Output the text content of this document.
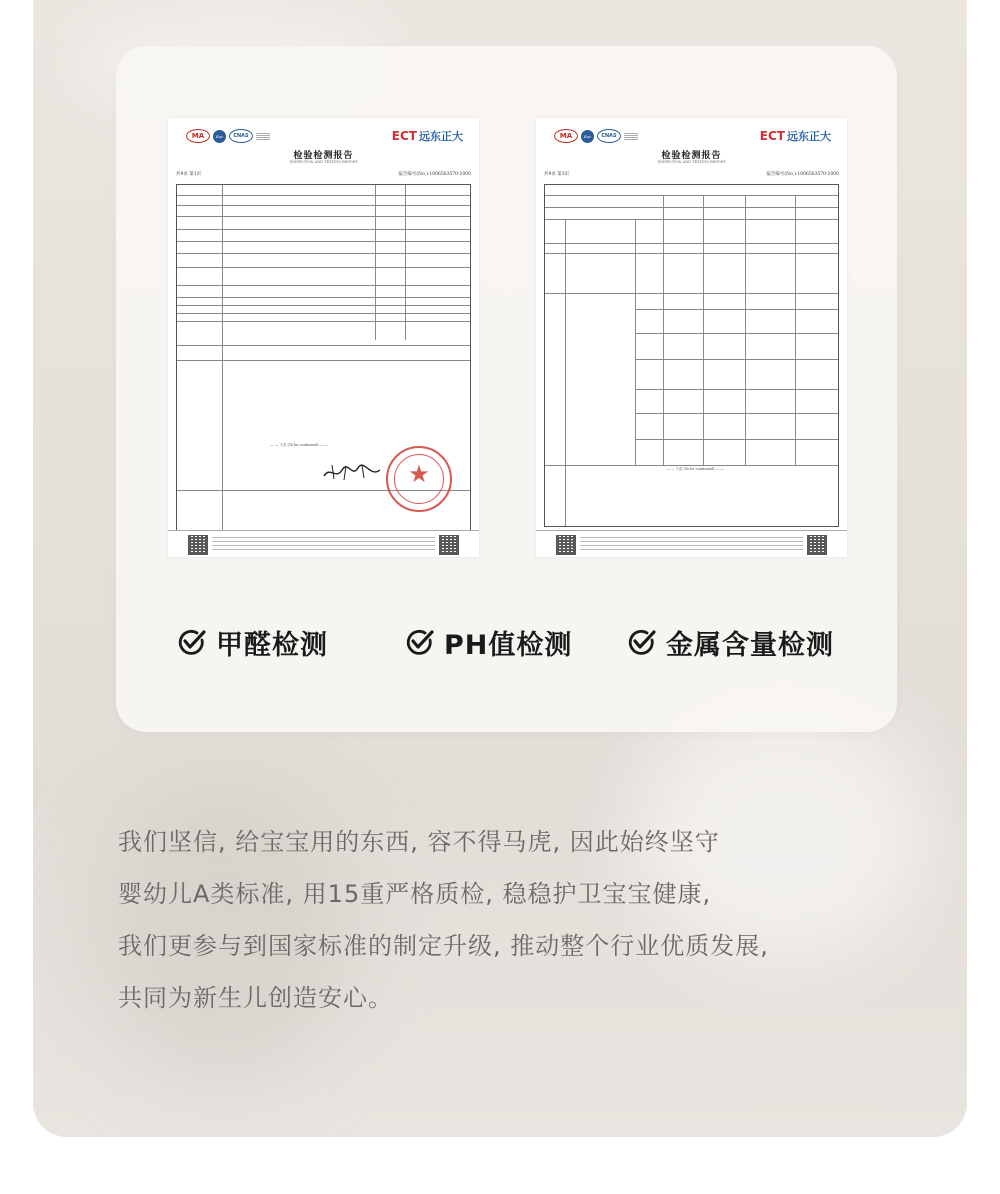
MA	ilac	CNAS	ECT 远东正大
检验检测报告
INSPECTION AND TESTING REPORT
共9页 第1页	报告编号(No.):1006563570-1000
— — 下页 (To be continued) — —
★
MA	ilac	CNAS	ECT 远东正大
检验检测报告
INSPECTION AND TESTING REPORT
共9页 第3页	报告编号(No.):1006563570-1000
— — 下页 (To be continued) — —
甲醛检测	PH值检测	金属含量检测

我们坚信, 给宝宝用的东西, 容不得马虎, 因此始终坚守

婴幼儿A类标准, 用15重严格质检, 稳稳护卫宝宝健康,

我们更参与到国家标准的制定升级, 推动整个行业优质发展,

共同为新生儿创造安心。
